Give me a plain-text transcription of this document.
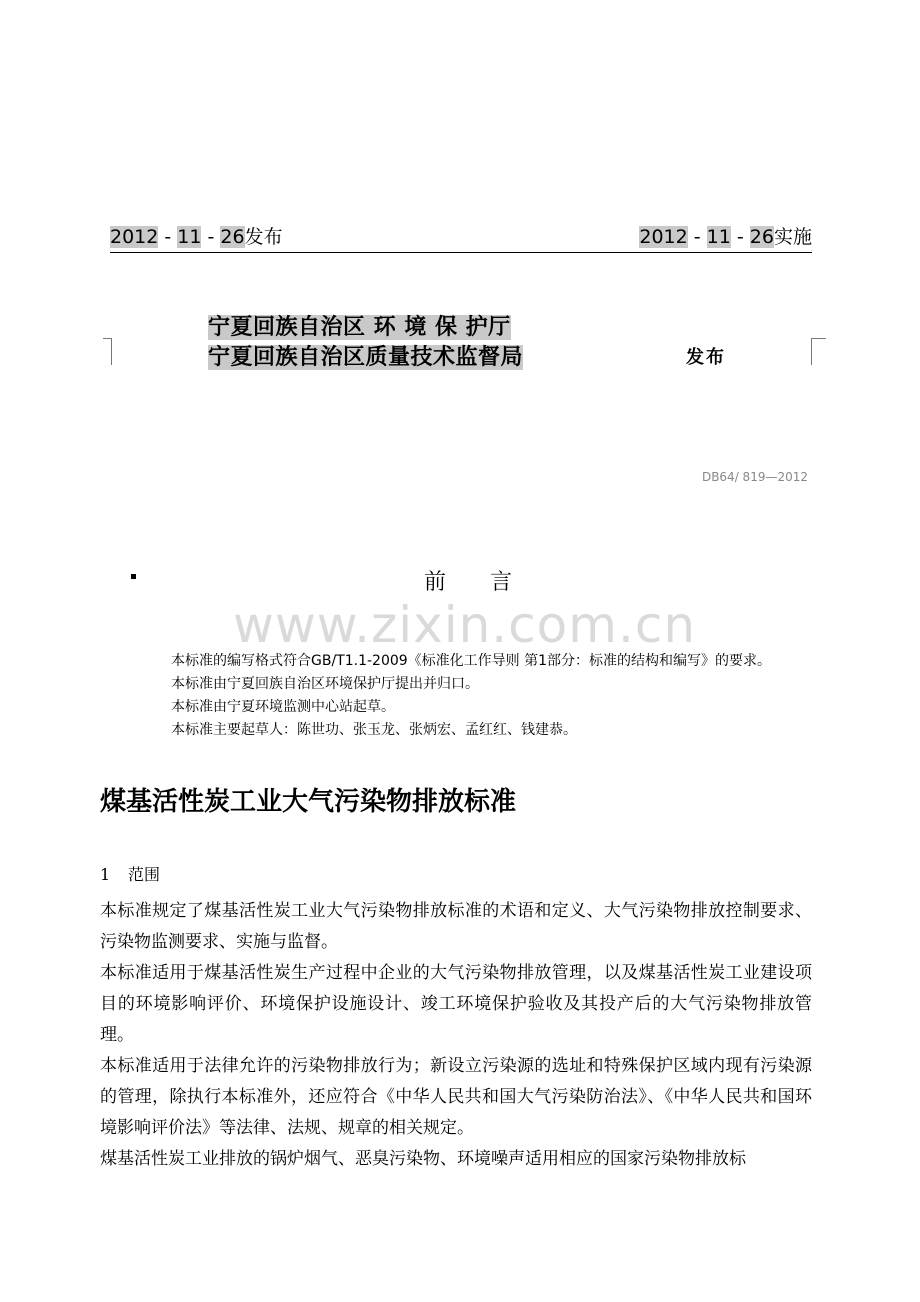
2012 - 11 - 26发布	2012 - 11 - 26实施
宁夏回族自治区 环 境 保 护厅
宁夏回族自治区质量技术监督局	发布
DB64/ 819—2012
前 言
www.zixin.com.cn
本标准的编写格式符合GB/T1.1-2009《标准化工作导则 第1部分：标准的结构和编写》的要求。
本标准由宁夏回族自治区环境保护厅提出并归口。
本标准由宁夏环境监测中心站起草。
本标准主要起草人：陈世功、张玉龙、张炳宏、孟红红、钱建恭。
煤基活性炭工业大气污染物排放标准
1 范围

本标准规定了煤基活性炭工业大气污染物排放标准的术语和定义、大气污染物排放控制要求、污染物监测要求、实施与监督。

本标准适用于煤基活性炭生产过程中企业的大气污染物排放管理，以及煤基活性炭工业建设项目的环境影响评价、环境保护设施设计、竣工环境保护验收及其投产后的大气污染物排放管理。

本标准适用于法律允许的污染物排放行为；新设立污染源的选址和特殊保护区域内现有污染源的管理，除执行本标准外，还应符合《中华人民共和国大气污染防治法》、《中华人民共和国环境影响评价法》等法律、法规、规章的相关规定。

煤基活性炭工业排放的锅炉烟气、恶臭污染物、环境噪声适用相应的国家污染物排放标
